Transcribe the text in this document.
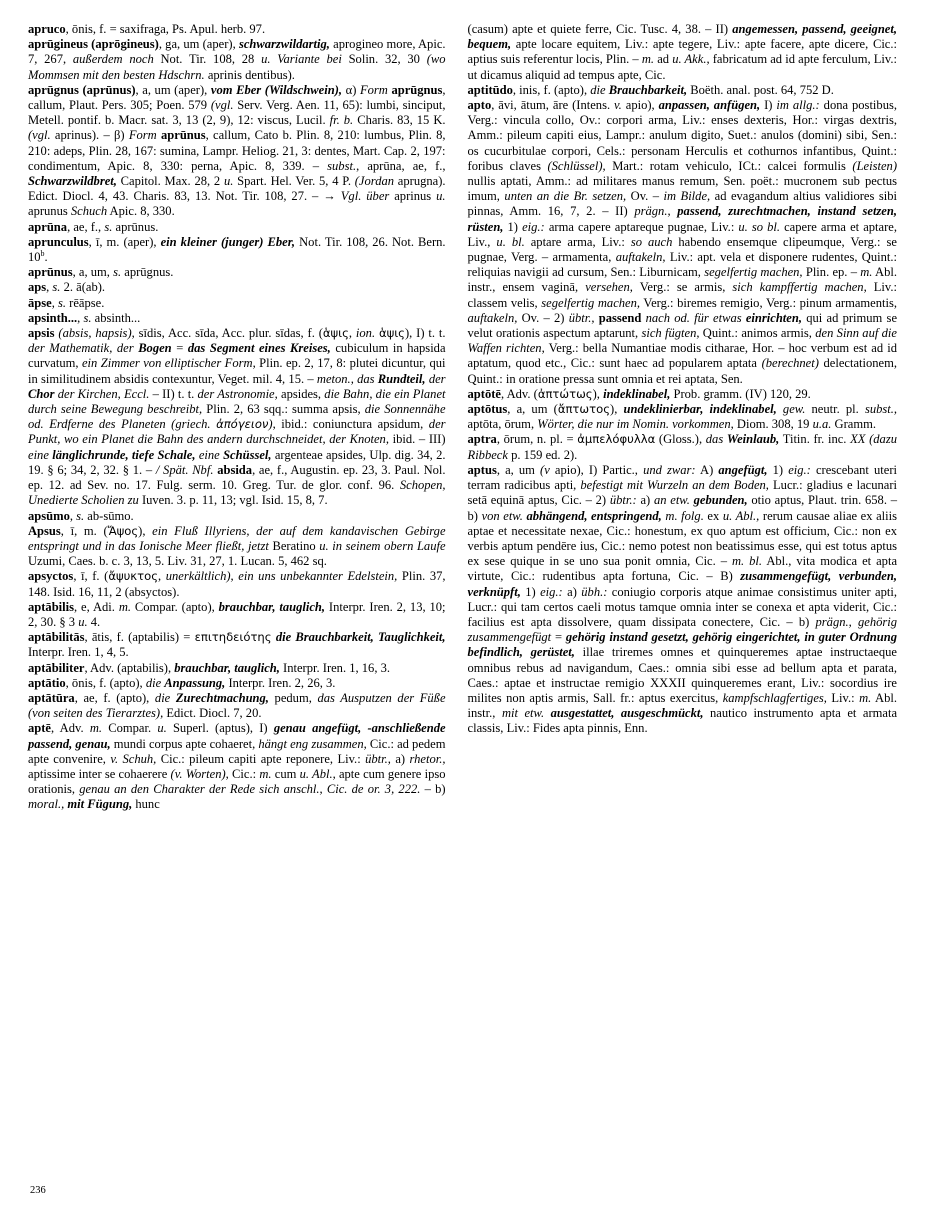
apruco, ōnis, f. = saxifraga, Ps. Apul. herb. 97.
aprūgineus (aprōgineus), ga, um (aper), schwarzwildartig, aprogineo more, Apic. 7, 267, außerdem noch Not. Tir. 108, 28 u. Variante bei Solin. 32, 30 (wo Mommsen mit den besten Hdschrn. aprinis dentibus).
aprūgnus (aprūnus), a, um (aper), vom Eber (Wildschwein), α) Form aprūgnus, callum, Plaut. Pers. 305; Poen. 579 (vgl. Serv. Verg. Aen. 11, 65): lumbi, sinciput, Metell. pontif. b. Macr. sat. 3, 13 (2, 9), 12: viscus, Lucil. fr. b. Charis. 83, 15 K. (vgl. aprinus). – β) Form aprūnus, callum, Cato b. Plin. 8, 210: lumbus, Plin. 8, 210: adeps, Plin. 28, 167: sumina, Lampr. Heliog. 21, 3: dentes, Mart. Cap. 2, 197: condimentum, Apic. 8, 330: perna, Apic. 8, 339. – subst., aprūna, ae, f., Schwarzwildbret, Capitol. Max. 28, 2 u. Spart. Hel. Ver. 5, 4 P. (Jordan aprugna). Edict. Diocl. 4, 43. Charis. 83, 13. Not. Tir. 108, 27. – → Vgl. über aprinus u. aprunus Schuch Apic. 8, 330.
aprūna, ae, f., s. aprūnus.
aprunculus, ī, m. (aper), ein kleiner (junger) Eber, Not. Tir. 108, 26. Not. Bern. 10$^b$.
aprūnus, a, um, s. aprūgnus.
aps, s. 2. ā(ab).
āpse, s. rēāpse.
apsinth..., s. absinth...
apsis (absis, hapsis), sīdis, Acc. sīda, Acc. plur. sīdas, f. (ἁψις, ion. ἁψις), I) t. t. der Mathematik, der Bogen = das Segment eines Kreises, cubiculum in hapsida curvatum, ein Zimmer von elliptischer Form, Plin. ep. 2, 17, 8: plutei dicuntur, qui in similitudinem absidis contexuntur, Veget. mil. 4, 15. – meton., das Rundteil, der Chor der Kirchen, Eccl. – II) t. t. der Astronomie, apsides, die Bahn, die ein Planet durch seine Bewegung beschreibt, Plin. 2, 63 sqq.: summa apsis, die Sonnennähe od. Erdferne des Planeten (griech. ἀπόγειον), ibid.: coniunctura apsidum, der Punkt, wo ein Planet die Bahn des andern durchschneidet, der Knoten, ibid. – III) eine länglichrunde, tiefe Schale, eine Schüssel, argenteae apsides, Ulp. dig. 34, 2. 19. § 6; 34, 2, 32. § 1. – / Spät. Nbf. absida, ae, f., Augustin. ep. 23, 3. Paul. Nol. ep. 12. ad Sev. no. 17. Fulg. serm. 10. Greg. Tur. de glor. conf. 96. Schopen, Unedierte Scholien zu Iuven. 3. p. 11, 13; vgl. Isid. 15, 8, 7.
apsūmo, s. ab-sūmo.
Apsus, ī, m. (Ἄψος), ein Fluß Illyriens, der auf dem kandavischen Gebirge entspringt und in das Ionische Meer fließt, jetzt Beratino u. in seinem obern Laufe Uzumi, Caes. b. c. 3, 13, 5. Liv. 31, 27, 1. Lucan. 5, 462 sq.
apsyctos, ī, f. (ἄψυκτος, unerkältlich), ein uns unbekannter Edelstein, Plin. 37, 148. Isid. 16, 11, 2 (absyctos).
aptābilis, e, Adi. m. Compar. (apto), brauchbar, tauglich, Interpr. Iren. 2, 13, 10; 2, 30. § 3 u. 4.
aptābilitās, ātis, f. (aptabilis) = επιτηδειότης die Brauchbarkeit, Tauglichkeit, Interpr. Iren. 1, 4, 5.
aptābiliter, Adv. (aptabilis), brauchbar, tauglich, Interpr. Iren. 1, 16, 3.
aptātio, ōnis, f. (apto), die Anpassung, Interpr. Iren. 2, 26, 3.
aptātūra, ae, f. (apto), die Zurechtmachung, pedum, das Ausputzen der Füße (von seiten des Tierarztes), Edict. Diocl. 7, 20.
aptē, Adv. m. Compar. u. Superl. (aptus), I) genau angefügt, -anschließende passend, genau, mundi corpus apte cohaeret, hängt eng zusammen, Cic.: ad pedem apte convenire, v. Schuh, Cic.: pileum capiti apte reponere, Liv.: übtr., a) rhetor., aptissime inter se cohaerere (v. Worten), Cic.: m. cum u. Abl., apte cum genere ipso orationis, genau an den Charakter der Rede sich anschl., Cic. de or. 3, 222. – b) moral., mit Fügung, hunc
(casum) apte et quiete ferre, Cic. Tusc. 4, 38. – II) angemessen, passend, geeignet, bequem, apte locare equitem, Liv.: apte tegere, Liv.: apte facere, apte dicere, Cic.: aptius suis referentur locis, Plin. – m. ad u. Akk., fabricatum ad id apte ferculum, Liv.: ut dicamus aliquid ad tempus apte, Cic.
aptitūdo, inis, f. (apto), die Brauchbarkeit, Boëth. anal. post. 64, 752 D.
apto, āvi, ātum, āre (Intens. v. apio), anpassen, anfügen, I) im allg.: dona postibus, Verg.: vincula collo, Ov.: corpori arma, Liv.: enses dexteris, Hor.: virgas dextris, Amm.: pileum capiti eius, Lampr.: anulum digito, Suet.: anulos (domini) sibi, Sen.: os cucurbitulae corpori, Cels.: personam Herculis et cothurnos infantibus, Quint.: foribus claves (Schlüssel), Mart.: rotam vehiculo, ICt.: calcei formulis (Leisten) nullis aptati, Amm.: ad militares manus remum, Sen. poët.: mucronem sub pectus imum, unten an die Br. setzen, Ov. – im Bilde, ad evagandum altius validiores sibi pinnas, Amm. 16, 7, 2. – II) prägn., passend, zurechtmachen, instand setzen, rüsten, 1) eig.: arma capere aptareque pugnae, Liv.: u. so bl. capere arma et aptare, Liv., u. bl. aptare arma, Liv.: so auch habendo ensemque clipeumque, Verg.: se pugnae, Verg. – armamenta, auftakeln, Liv.: apt. vela et disponere rudentes, Quint.: reliquias navigii ad cursum, Sen.: Liburnicam, segelfertig machen, Plin. ep. – m. Abl. instr., ensem vaginā, versehen, Verg.: se armis, sich kampffertig machen, Liv.: classem velis, segelfertig machen, Verg.: biremes remigio, Verg.: pinum armamentis, auftakeln, Ov. – 2) übtr., passend nach od. für etwas einrichten, qui ad primum se velut orationis aspectum aptarunt, sich fügten, Quint.: animos armis, den Sinn auf die Waffen richten, Verg.: bella Numantiae modis citharae, Hor. – hoc verbum est ad id aptatum, quod etc., Cic.: sunt haec ad popularem aptata (berechnet) delectationem, Quint.: in oratione pressa sunt omnia et rei aptata, Sen.
aptōtē, Adv. (ἀπτώτως), indeklinabel, Prob. gramm. (IV) 120, 29.
aptōtus, a, um (ἄπτωτος), undeklinierbar, indeklinabel, gew. neutr. pl. subst., aptōta, ōrum, Wörter, die nur im Nomin. vorkommen, Diom. 308, 19 u.a. Gramm.
aptra, ōrum, n. pl. = ἀμπελόφυλλα (Gloss.), das Weinlaub, Titin. fr. inc. XX (dazu Ribbeck p. 159 ed. 2).
aptus, a, um (v apio), I) Partic., und zwar: A) angefügt, 1) eig.: crescebant uteri terram radicibus apti, befestigt mit Wurzeln an dem Boden, Lucr.: gladius e lacunari setā equinā aptus, Cic. – 2) übtr.: a) an etw. gebunden, otio aptus, Plaut. trin. 658. – b) von etw. abhängend, entspringend, m. folg. ex u. Abl., rerum causae aliae ex aliis aptae et necessitate nexae, Cic.: honestum, ex quo aptum est officium, Cic.: non ex verbis aptum pendēre ius, Cic.: nemo potest non beatissimus esse, qui est totus aptus ex sese quique in se uno sua ponit omnia, Cic. – m. bl. Abl., vita modica et apta virtute, Cic.: rudentibus apta fortuna, Cic. – B) zusammengefügt, verbunden, verknüpft, 1) eig.: a) übh.: coniugio corporis atque animae consistimus uniter apti, Lucr.: qui tam certos caeli motus tamque omnia inter se conexa et apta viderit, Cic.: facilius est apta dissolvere, quam dissipata conectere, Cic. – b) prägn., gehörig zusammengefügt = gehörig instand gesetzt, gehörig eingerichtet, in guter Ordnung befindlich, gerüstet, illae triremes omnes et quinqueremes aptae instructaeque omnibus rebus ad navigandum, Caes.: omnia sibi esse ad bellum apta et parata, Caes.: aptae et instructae remigio XXXII quinqueremes erant, Liv.: socordius ire milites non aptis armis, Sall. fr.: aptus exercitus, kampfschlagfertiges, Liv.: m. Abl. instr., mit etw. ausgestattet, ausgeschmückt, nautico instrumento apta et armata classis, Liv.: Fides apta pinnis, Enn.
236
